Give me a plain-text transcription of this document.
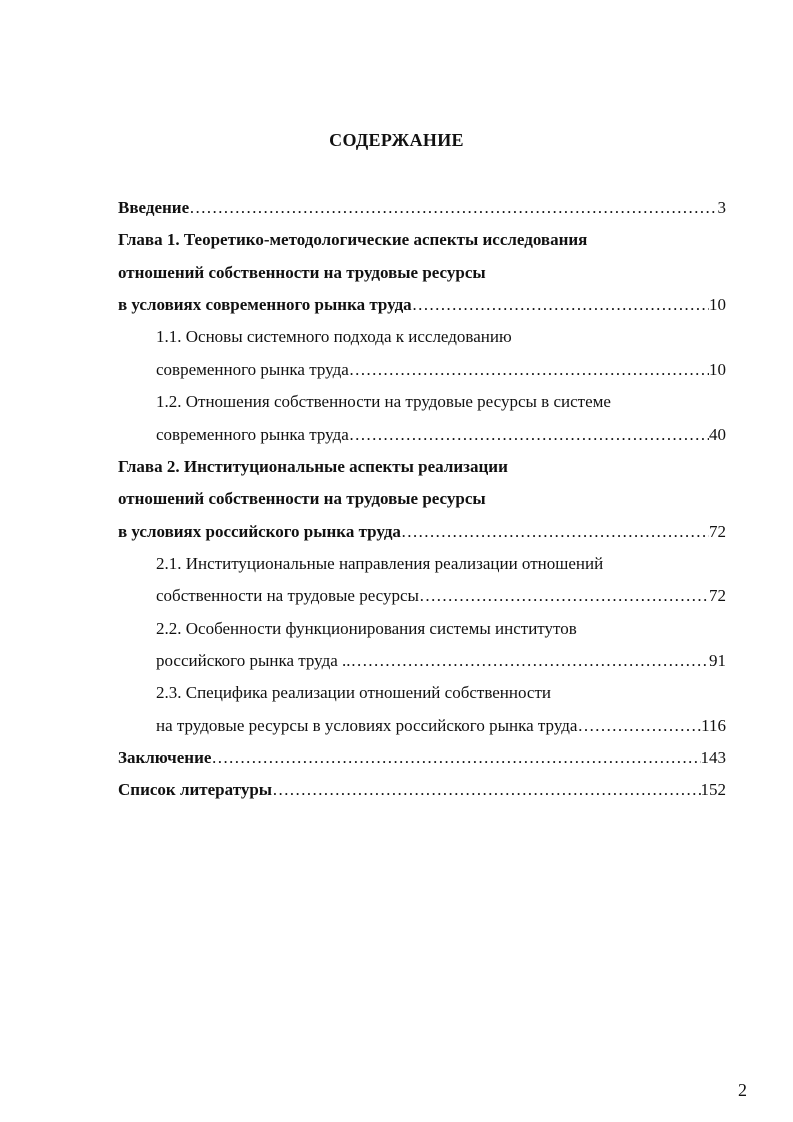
СОДЕРЖАНИЕ
Введение …………………………………………………………………………………………………………………………………………………………………………	3
Глава 1. Теоретико-методологические аспекты исследования
отношений собственности на трудовые ресурсы
в условиях современного рынка труда …………………………………………………………………………………………………………………………………………………………………………	10
1.1. Основы системного подхода к исследованию
современного рынка труда …………………………………………………………………………………………………………………………………………………………………………	10
1.2. Отношения собственности на трудовые ресурсы в системе
современного рынка труда …………………………………………………………………………………………………………………………………………………………………………	40
Глава 2. Институциональные аспекты реализации
отношений собственности на трудовые ресурсы
в условиях российского рынка труда …………………………………………………………………………………………………………………………………………………………………………	72
2.1. Институциональные направления реализации отношений
собственности на трудовые ресурсы …………………………………………………………………………………………………………………………………………………………………………	72
2.2. Особенности функционирования системы институтов
российского рынка труда .. …………………………………………………………………………………………………………………………………………………………………………	91
2.3. Специфика реализации отношений собственности
на трудовые ресурсы в условиях российского рынка труда …………………………………………………………………………………………………………………………………………………………………………	116
Заключение …………………………………………………………………………………………………………………………………………………………………………	143
Список литературы …………………………………………………………………………………………………………………………………………………………………………	152
2
